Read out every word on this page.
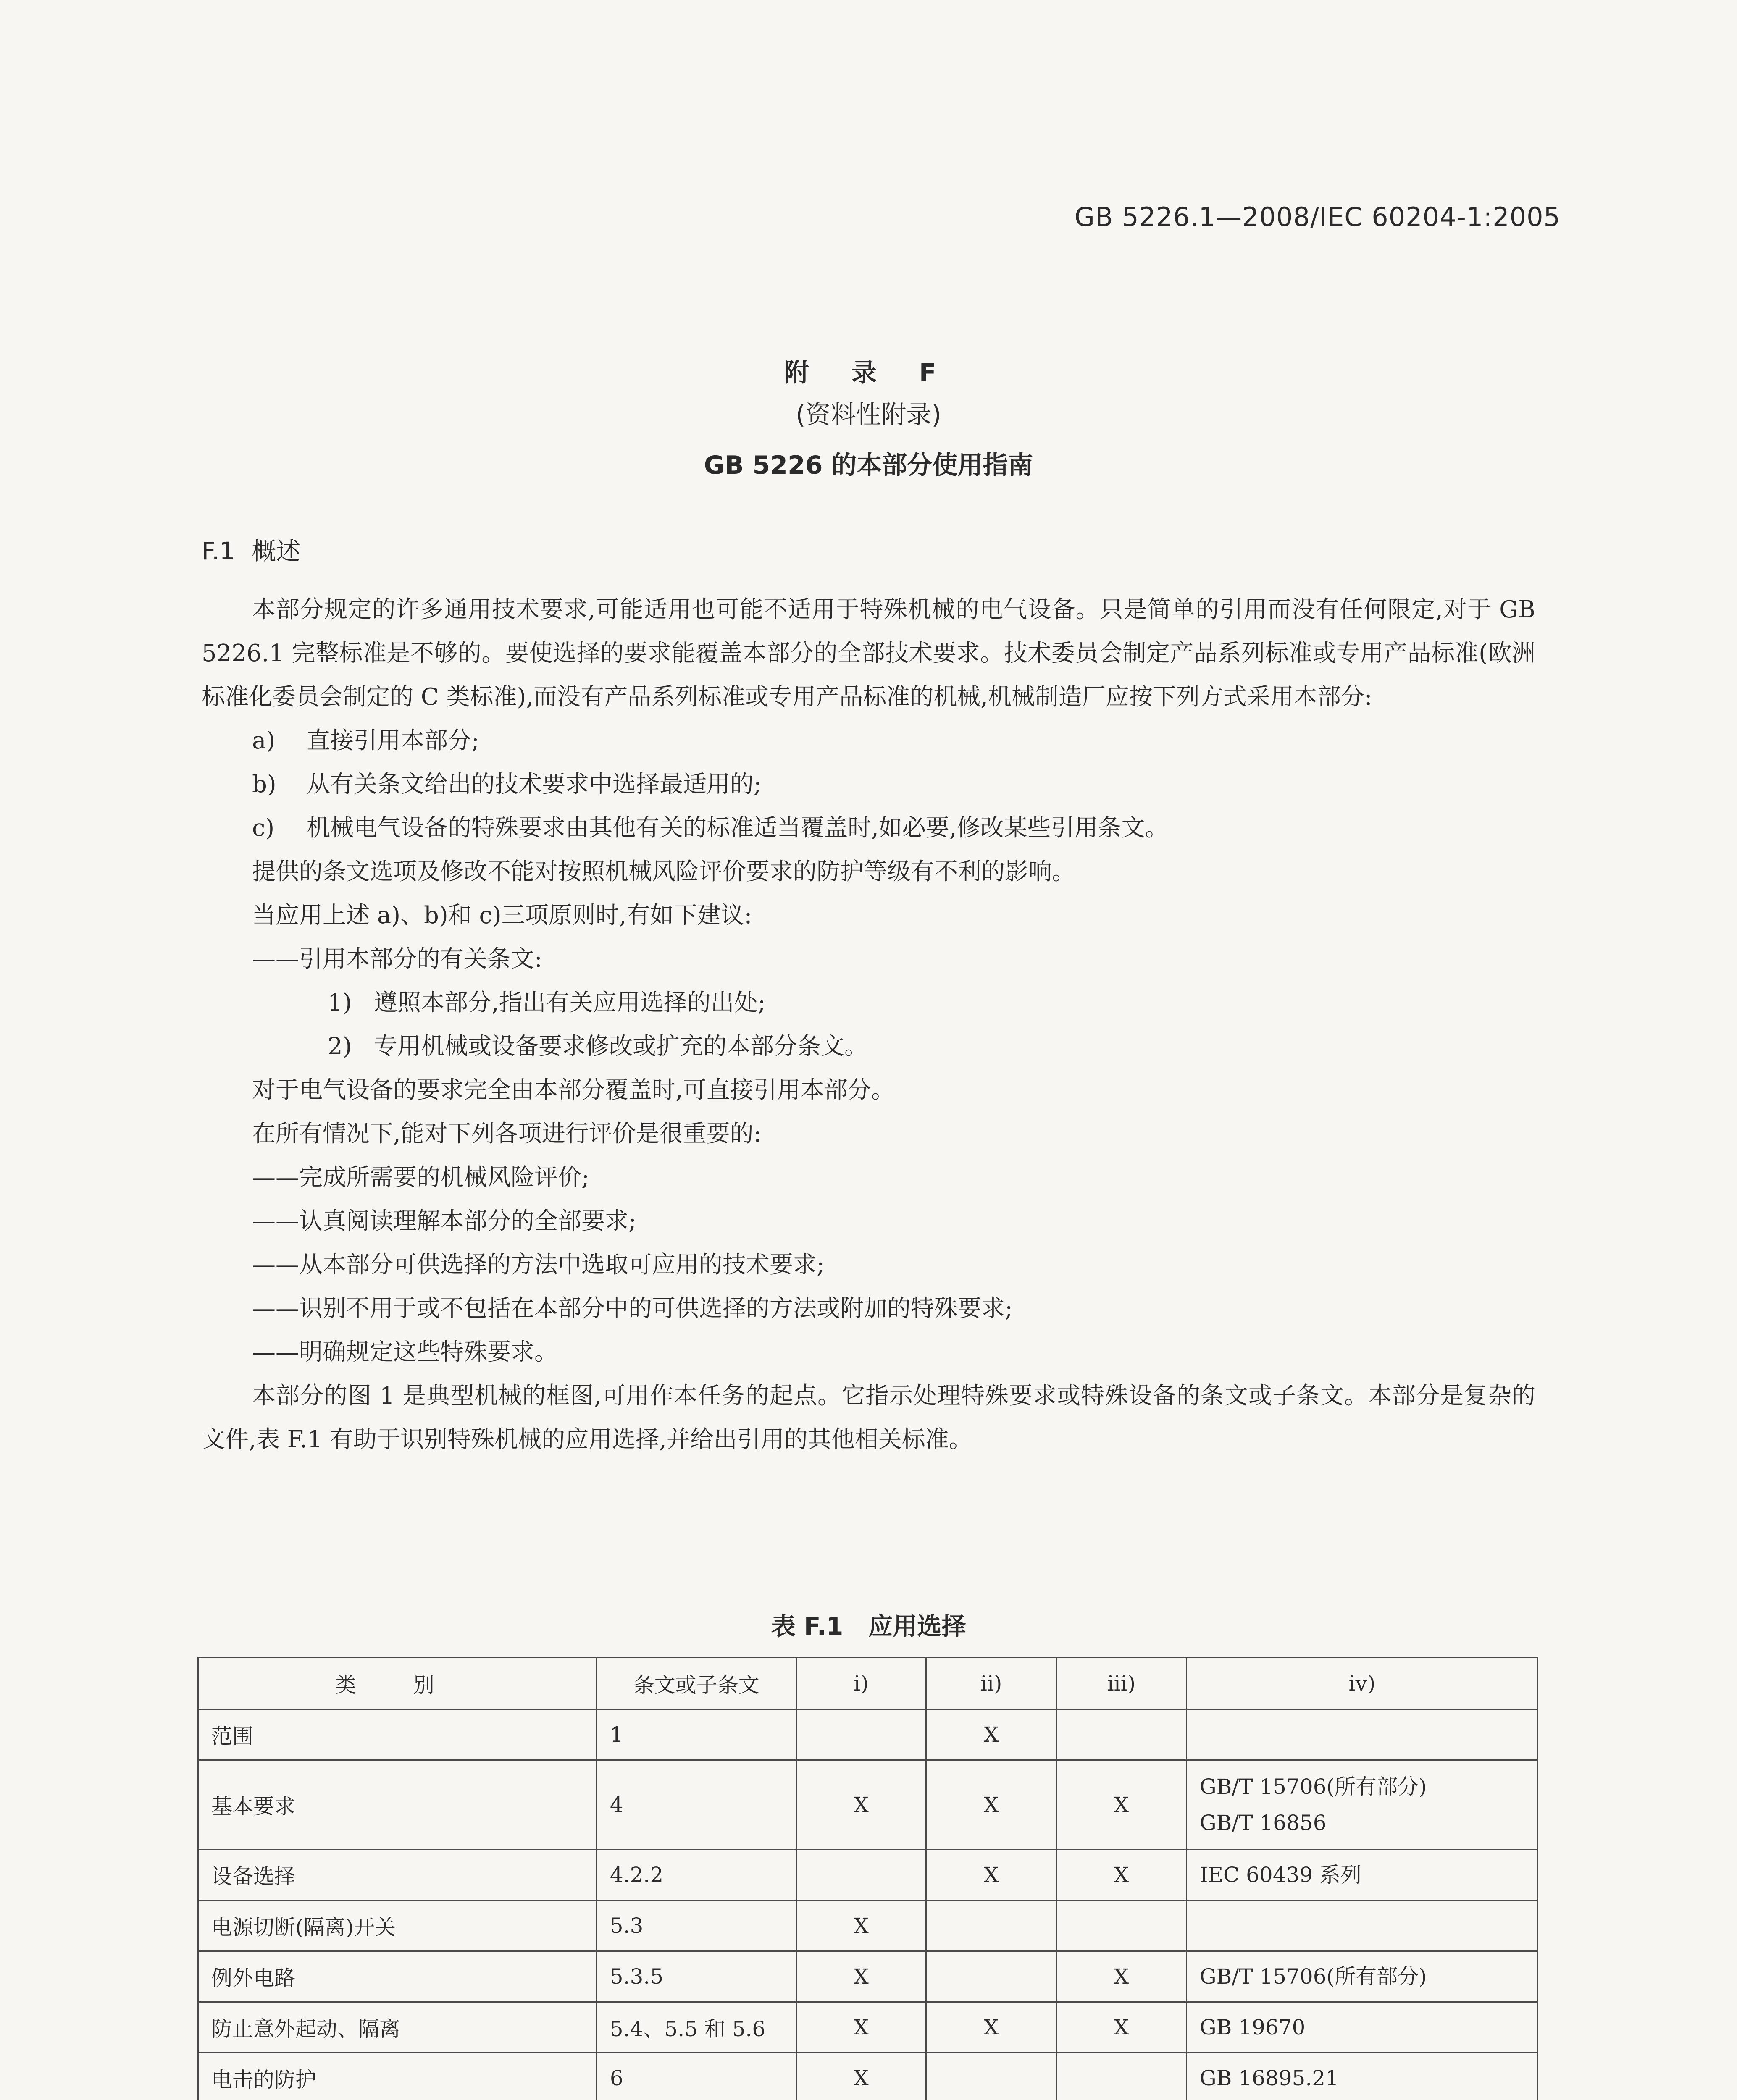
GB 5226.1—2008/IEC 60204-1:2005
附 录 F
(资料性附录)
GB 5226 的本部分使用指南
F.1 概述

本部分规定的许多通用技术要求,可能适用也可能不适用于特殊机械的电气设备。只是简单的引用而没有任何限定,对于 GB 5226.1 完整标准是不够的。要使选择的要求能覆盖本部分的全部技术要求。技术委员会制定产品系列标准或专用产品标准(欧洲标准化委员会制定的 C 类标准),而没有产品系列标准或专用产品标准的机械,机械制造厂应按下列方式采用本部分:

a) 直接引用本部分;

b) 从有关条文给出的技术要求中选择最适用的;

c) 机械电气设备的特殊要求由其他有关的标准适当覆盖时,如必要,修改某些引用条文。

提供的条文选项及修改不能对按照机械风险评价要求的防护等级有不利的影响。

当应用上述 a)、b)和 c)三项原则时,有如下建议:

——引用本部分的有关条文:

1) 遵照本部分,指出有关应用选择的出处;

2) 专用机械或设备要求修改或扩充的本部分条文。

对于电气设备的要求完全由本部分覆盖时,可直接引用本部分。

在所有情况下,能对下列各项进行评价是很重要的:

——完成所需要的机械风险评价;

——认真阅读理解本部分的全部要求;

——从本部分可供选择的方法中选取可应用的技术要求;

——识别不用于或不包括在本部分中的可供选择的方法或附加的特殊要求;

——明确规定这些特殊要求。

本部分的图 1 是典型机械的框图,可用作本任务的起点。它指示处理特殊要求或特殊设备的条文或子条文。本部分是复杂的文件,表 F.1 有助于识别特殊机械的应用选择,并给出引用的其他相关标准。

表 F.1 应用选择
类 别	条文或子条文	i)	ii)	iii)	iv)
范围	1		X		
基本要求	4	X	X	X	GB/T 15706(所有部分)
GB/T 16856

设备选择	4.2.2		X	X	IEC 60439 系列
电源切断(隔离)开关	5.3	X			
例外电路	5.3.5	X		X	GB/T 15706(所有部分)
防止意外起动、隔离	5.4、5.5 和 5.6	X	X	X	GB 19670
电击的防护	6	X			GB 16895.21
